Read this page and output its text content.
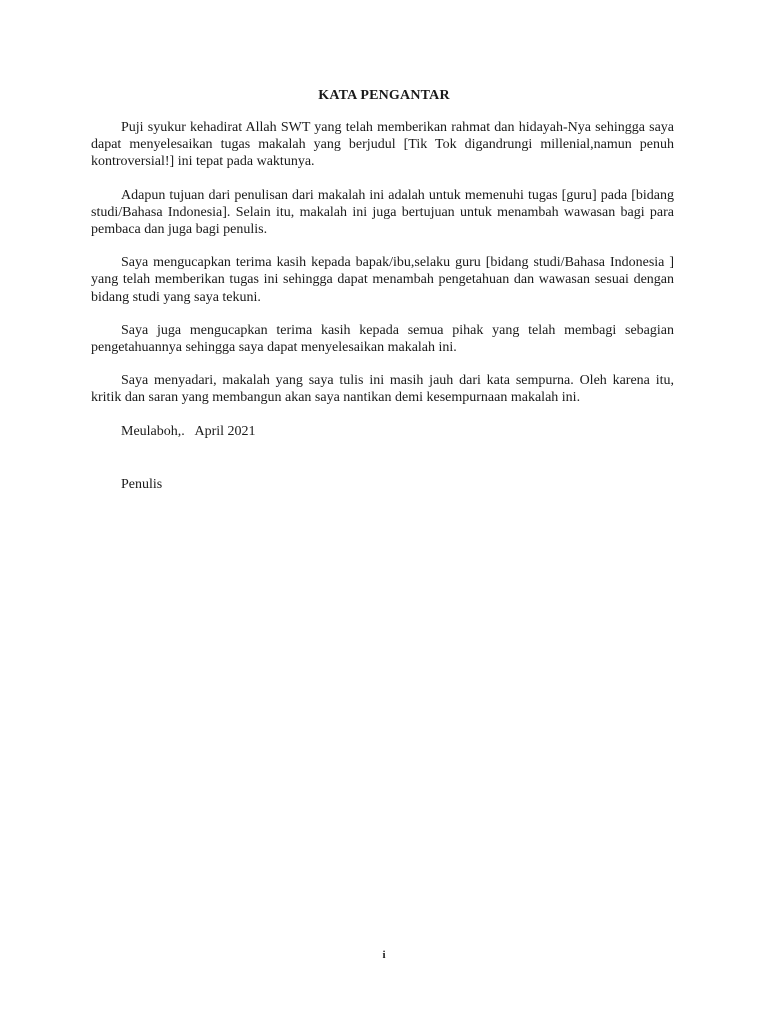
KATA PENGANTAR

Puji syukur kehadirat Allah SWT yang telah memberikan rahmat dan hidayah-Nya sehingga saya dapat menyelesaikan tugas makalah yang berjudul [Tik Tok digandrungi millenial,namun penuh kontroversial!] ini tepat pada waktunya.

Adapun tujuan dari penulisan dari makalah ini adalah untuk memenuhi tugas [guru] pada [bidang studi/Bahasa Indonesia]. Selain itu, makalah ini juga bertujuan untuk menambah wawasan bagi para pembaca dan juga bagi penulis.

Saya mengucapkan terima kasih kepada bapak/ibu,selaku guru [bidang studi/Bahasa Indonesia ] yang telah memberikan tugas ini sehingga dapat menambah pengetahuan dan wawasan sesuai dengan bidang studi yang saya tekuni.

Saya juga mengucapkan terima kasih kepada semua pihak yang telah membagi sebagian pengetahuannya sehingga saya dapat menyelesaikan makalah ini.

Saya menyadari, makalah yang saya tulis ini masih jauh dari kata sempurna. Oleh karena itu, kritik dan saran yang membangun akan saya nantikan demi kesempurnaan makalah ini.

Meulaboh,.   April 2021

Penulis

i
